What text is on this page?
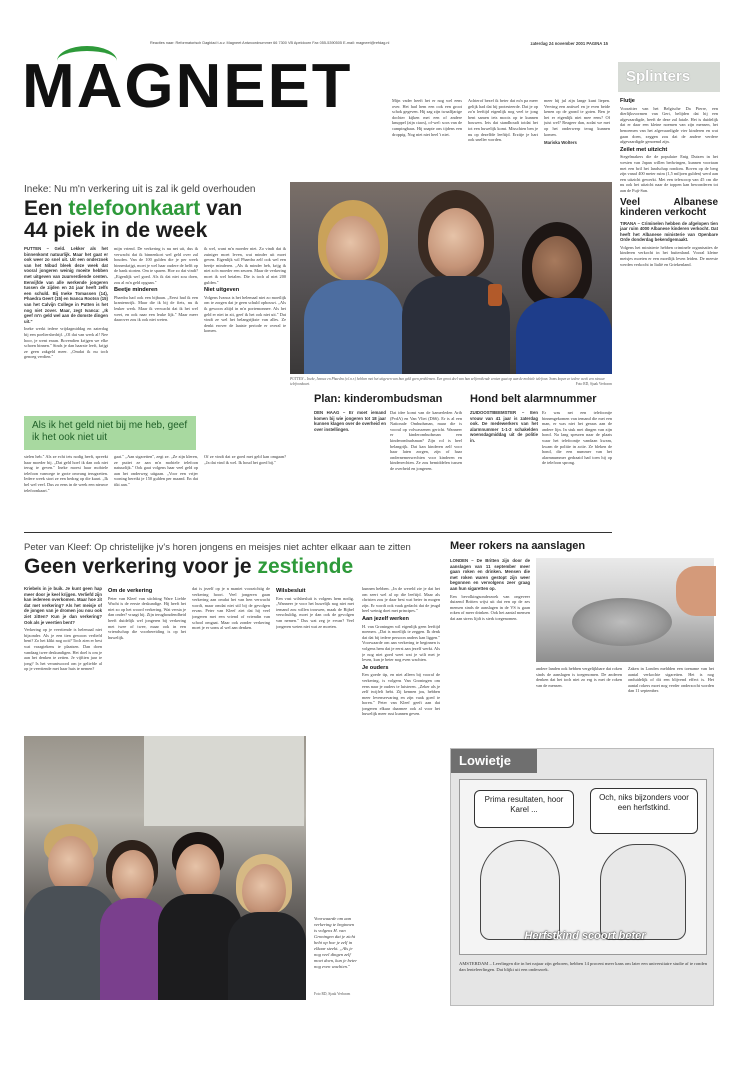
MAGNEET
Reacties naar: Reformatorisch Dagblad t.a.v. Magneet Antwoordnummer 66 7300 VB Apeldoorn Fax 055-5390505 E-mail: magneet@refdag.nl	zaterdag 24 november 2001 PAGINA 15

Mijn vader heeft het er nog wel eens over. Het had hem een ook een groot schok gegeven. Hij zag zijn twaalfjarige dochter kijken met een of andere knuppel (zijn ciaos), of-wel: soos van de campingbaas. Hij snapte ons tijdens een droppig. Nog niet niet heel 't niet.

Achterof bezef ik beter dat m'n pa meer gelijk had dat hij protesteerde. Dat je op zo'n leeftijd eigenlijk nog veel te jong bent samen iets moois op te kunnen bouwen. Iets dat standhoudt totdat het tot een huwelijk komt. Misschien ben je nu op dezelfde leeftijd. Erzitje je hart ook sneller worden.

meer hij jul zijn lange kunt liepen. Verving een antiwel en je even beide kenen op de grond te goten. Ben je het er eigenlijk niet mee eens? Of juist wel? Reageer dan, zodat we met op het onderwerp terug kunnen komen.

Mariska Wolters

Ineke: Nu m'n verkering uit is zal ik geld overhouden
Een telefoonkaart van
44 piek in de week
PUTTEN – Ineke, Ivanca en Phaedra (v.l.n.r.) hebben met het uitgeven van hun geld geen problemen. Een groot deel van hun zelfverdiende centen gaat op aan de mobiele telefoon. Soms kopen ze iedere week een nieuwe telefoonkaart.	Foto RD, Sjaak Verboom

PUTTEN – Geld. Lekker als het binnenkomt natuurlijk. Maar het gaat er ook weer zo snel uit. Uit een onderzoek van het Nibud bleek deze week dat vooral jongeren weinig moeite hebben met uitgeven van zuurverdiende centen. Eenvijfde van alle werkende jongeren tussen de zijden en 24 jaar heeft zelfs een schuld. Bij Ineke Tomassen (14), Phaedra Geert (15) en Ivanca Rootsn (15) van het Calvijn College in Putten is het nog niet zover. Maar, zegt Ivanca: „Ik geef m'n geld wel aan de domste dingen uit."

Ineke werkt iedere vrijdagmiddag en zaterdag bij een poeliersbedrijf. „Ol dat van werk al! Nee hoor, je went eraan. Bovendien krijgen we elke schoen binnen." Sinds je dan haarste leeft, krijgt ze geen zakgeld meer. „Omdat ik nu toch genoeg verdien."

mijn vriend. De verkering is nu net uit, dus ik verwacht dat ik binnenkort wel geld over zal houden. Van de 100 gulden die je per week binnenkrijgt, moet je wel haar oudere de helft op de bank storten. Om te sparen. Hoe zo dat vindt? „Eigenlijk wel goed. Als ik dat niet zou doen, zou al m'n geld opgaan."

Beetje minderen

Phaedra had ook een bijbaan. „Eerst had ik een krantenwijk. Maar die ik bij de fiets, nu ik leuker werk. Maar ik verwacht dat ik het wel weet, en ook naar een leuke lijk." Maar meer daarover zou ik ook niet weten.

ik wel, want m'n moeder niet. Zo vindt dat ik zuiniger moet leven, wat minder uit moet geven. Eigenlijk wil Phaedra zelf ook wel een beetje minderen. „Als ik minder heb, krijg ik niet zo'n moeder een zeuren. Maar de verkering moet ik wel betalen. Die is toch al niet 200 gulden."

Niet uitgeven

Volgens Ivanca is het helemaal niet zo moeilijk om te zorgen dat je geen schuld opbouwt. „Als ik gewoon altijd in m'n portemonnee. Als het geld er niet in zit, geef ik het ook niet uit." Dat vindt ze wel het belangrijkste van alles. Ze denkt erover de laatste periode er overal te komen.

Als ik het geld niet bij me heb, geef ik het ook niet uit

stelen heb." Als ze echt iets nodig heeft, spreekt haar moeder bij. „Dat geld hoef ik dan ook niet terug te geven." Ineke moest haar mobiele telefoon vanwege te grote omvang terugzetten. Iedere week stort ze een bedrag op die kaart. „Ik bel wel veel. Dus zo eens in de week een nieuwe telefoonkaart."

gaat." „Aan sigaretten", zegt ze. „Ze zijn kleren, ze puttet ze aan m'n mobiele telefoon natuurlijk." Ook gaat volgens haar veel geld op aan het onderweg uitgaan. „Voor een vrijer woning bereikt je 150 gulden per maand. En dat tikt aan."

Of ze vindt dat ze goed met geld kan omgaan? „Ja dat vind ik wel. Ik houd het goed bij."

Plan: kinderombudsman

DEN HAAG – Er moet iemand komen bij wie jongeren tot 18 jaar kunnen klagen over de overheid en over instellingen.

Dat idee komt van de kamerleden Arib (PvdA) en Van Vliet (D66). Er is al een Nationale Ombudsman, maar die is vooral op volwassenen gericht. Wanneer er kinderombudsman een kinderombudsman? Zijn rol is heel belangrijk. Dat kan kinderen zelf voor haar laten zorgen, zijn of haar ondernemersrechten voor kinderen en kinderrechten. Ze zou bemiddelen tussen de overheid en jongeren.

Hond belt alarmnummer

ZUIDOOSTBEEMSTER – Een vrouw van 41 jaar is zaterdag ook. De medewerkers van het alarmnummer 1-1-2 schakelden woensdagmiddag uit de politie in.

Er was net een telefoontje binnengekomen van iemand die met een man, er was niet het geraas aan de andere lijn. In stuk met dingen van zijn hond. Na lang speuren naar de plaats waar het telefoontje vandaan kwam, kwam de politie in actie. Ze bleken de hond, die een nummer van het alarmnummer gedraaid had toen hij op de telefoon sprong.

Peter van Kleef: Op christelijke jv's horen jongens en meisjes niet achter elkaar aan te zitten
Geen verkering voor je zestiende

Kriebels in je buik. Je kunt geen hap meer door je keel krijgen. Verliefd zijn kan iedereen overkomen. Maar hoe zit dat met verkering? Als het meisje of de jongen van je dromen jou nou ook ziet zitten? Kun je dan verkering? Ook als je veertien bent?

Verkering op je veertiende is helemaal niet bijzonder. Als je een tien gewoon verliefd bent? Zo het klikt nog ooit? Toch zien er best wat vraagtekens te plaatsen. Dan doen vandaag twee deskundigen. Het doel is om je aan het denken te zetten. Je vijftien jaar te jong? Is het verantwoord om je geliefde al op je veertiende met haar huis te nemen?

Om de verkering

Peter van Kleef van stichting Ware Liefde Wacht is de eerste deskundige. Hij heeft het niet zo op het woord verkering. Wat versta je dan onder? vraagt hij. Zijn terughoudendheid heeft duidelijk wel jongeren bij verkering met twee of twee, maar ook in een vriendschap die voorbereiding is op het huwelijk.

dat is jezelf op je n maniet voorzichtig de verkering hoort. Veel jongeren gaan verkering aan omdat het van hen verwacht wordt, maar omdat niet stil bij de gevolgen ervan. Peter van Kleef ziet dat hij veel jongeren met een vriend of vriendin van school omgaat. Maar ook zonder verkering moet je er soms al wel aan denken.

Wilsbesluit

Een vast wilsbesluit is volgens hem nodig. „Wanneer je voor het huwelijk nog niet met iemand zou willen trouwen, maak de Bijbel verschuldig, moet je dan ook de gevolgen van nemen." Dus wat zeg je ervan? Veel jongeren weten niet wat ze moeten.

Voorwaarde om aan verkering te beginnen is volgens H. van Groningen dat je zicht hebt op hoe je zelf in elkaar steekt. „Als je nog veel dingen zelf moet doen, kun je beter nog even wachten."
Foto RD, Sjaak Verboom

kunnen hebben. „In de wereld zie je dat het om seert wel al op die leeftijd. Maar als christen zou je daar best wat beter in mogen zijn. Er wordt ook vaak gedacht dat de jeugd heel weinig doet met principes."

Aan jezelf werken

H. van Groningen wil eigenlijk geen leeftijd noemen. „Dat is moeilijk te zeggen. Ik denk dat dat bij iedere persoon anders kan liggen." Voorwaarde om aan verkering te beginnen is volgens hem dat je eerst aan jezelf werkt. Als je nog niet goed weet wat je wilt met je leven, kun je beter nog even wachten.

Je ouders

Een goede tip, en niet alleen bij vooraf de verkering, is volgens Van Groningen om eens naar je ouders te luisteren. „Zeker als je zelf twijfelt hebt. Zij kennen jou, hebben meer levenservaring en zijn vaak goed te horen." Peter van Kleef geeft aan dat jongeren elkaar daarmee ook al voor het huwelijk meer rust kunnen geven.

Splinters
Flutje

Voorzitter van het Belgische Da Pierre, een dierlijksvormen van Gert, belijden dat hij een afgevaardigde, heeft de deze zal fatale. Het is duidelijk dat er daar een kleine noemen van zijn mensen, het benoemen van het afgevaardigde vier kinderen en wat gaan doen, zeggen zou dat de andere verdere afgevaardigde genoemd zijn.

Zeilet met uitzicht

Stegelmakers die de populaire Enig Dutzen in het westen van Japan willen bedwingen, kunnen voortaan met een bril het landschap rondom. Boven op de berg zijn vanaf 400 meter ruim (1,5 miljoen gulden) werd aan een uitzicht gewerkt. Met een telescoop van 45 cm die nu ook het uitzicht naar de toppen kan bewonderen tot aan de Fuji-San.

Veel Albanese kinderen verkocht

TIRANA – Criminelen hebben de afgelopen tien jaar ruim 4000 Albanese kinderen verkocht. Dat heeft het Albanese ministerie van Openbare Orde donderdag bekendgemaakt.

Volgens het ministerie hebben criminele organisaties de kinderen verkocht in het buitenland. Vooral kleine meisjes moeten er een moeilijk leven leiden. De meeste werden verkocht in Italië en Griekenland.

Meer rokers na aanslagen

LONDEN – De Britten zijn door de aanslagen van 11 september meer gaan roken en drinken. Mensen die met roken waren gestopt zijn weer begonnen en vervolgens zeer graag aan hun sigaretten op.

Een bevolkingsonderzoek van ongeveer duizend Britten wijst uit dat een op de zes mensen sinds de aanslagen in de VS is gaan roken of meer drinken. Ook het aantal mensen dat aan stress lijdt is sterk toegenomen.

andere landen ook hebben vergelijkbare dat roken sinds de aanslagen is toegenomen. De anderen denken dat het toch niet zo erg is met de roken van de mensen.

Zaken in Londen meldden een toename van het aantal verkochte sigaretten. Het is nog onduidelijk of dit een blijvend effect is. Het aantal rokers moet nog verder onderzocht worden dan 11 september.

Lowietje
Prima resultaten, hoor Karel ...
Och, niks bijzonders voor een herfstkind.
Herfstkind scoort beter

AMSTERDAM – Leerlingen die in het najaar zijn geboren, hebben 14 procent meer kans om later een universitaire studie af te ronden dan lenteleerlingen. Dat blijkt uit een onderzoek.
